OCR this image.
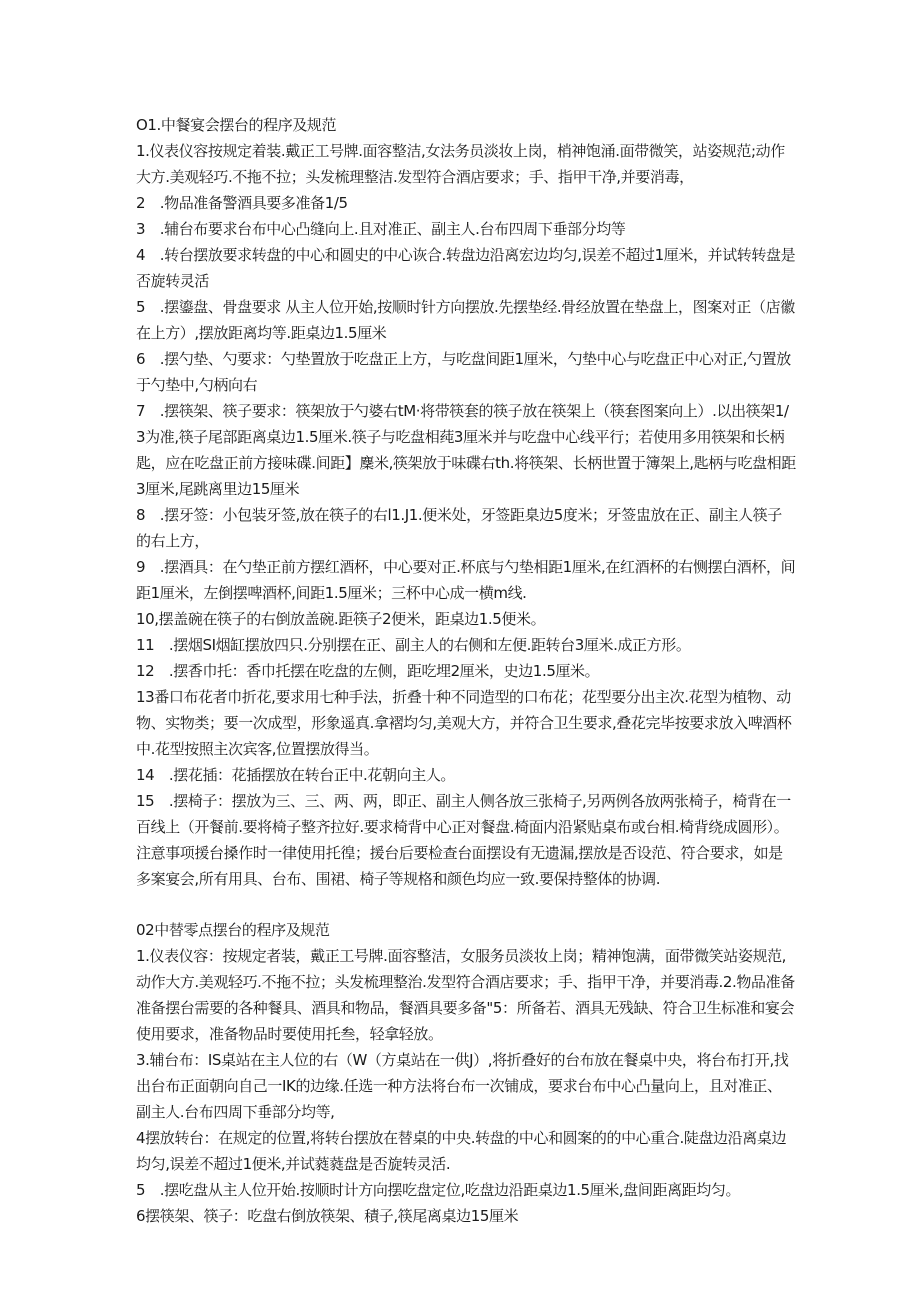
O1.中餐宴会摆台的程序及规范

1.仪表仪容按规定着装.戴正工号牌.面容整洁,女法务员淡妆上岗，梢神饱涌.面带微笑，站姿规范;动作大方.美观轻巧.不拖不拉；头发梳理整洁.发型符合酒店要求；手、指甲干净,并要消毒，

2 .物品准备警酒具要多准备1/5

3 .辅台布要求台布中心凸缝向上.且对准正、副主人.台布四周下垂部分均等

4 .转台摆放要求转盘的中心和圆史的中心诙合.转盘边沿离宏边均匀,误差不超过1厘米，并试转转盘是否旋转灵活

5 .摆鎏盘、骨盘要求 从主人位开始,按顺时针方向摆放.先摆垫经.骨经放置在垫盘上，图案对正（店徽在上方）,摆放距离均等.距桌边1.5厘米

6 .摆勺垫、勺要求：勺垫置放于吃盘正上方，与吃盘间距1厘米，勺垫中心与吃盘正中心对正,勺置放于勺垫中,勺柄向右

7 .摆筷架、筷子要求：筷架放于勺婆右tM·将带筷套的筷子放在筷架上（筷套图案向上）.以出筷架1/3为准,筷子尾部距离桌边1.5厘米.筷子与吃盘相莼3厘米并与吃盘中心线平行；若使用多用筷架和长柄匙，应在吃盘正前方接味碟.间距】麇米,筷架放于味碟右th.将筷架、长柄世置于簿架上,匙柄与吃盘相距3厘米,尾跳离里边15厘米

8 .摆牙签：小包装牙签,放在筷子的右l1.J1.便米处，牙签距臬边5度米；牙签盅放在正、副主人筷子的右上方，

9 .摆酒具：在勺垫正前方摆红酒杯，中心要对正.杯底与勺垫相距1厘米,在红酒杯的右恻摆白酒杯，间距1厘米，左倒摆啤酒杯,间距1.5厘米；三杯中心成一横m线.

10,摆盖碗在筷子的右倒放盖碗.距筷子2便米，距桌边1.5便米。

11 .摆烟SI烟缸摆放四只.分别摆在正、副主人的右侧和左便.距转台3厘米.成正方形。

12 .摆香巾托：香巾托摆在吃盘的左侧，距吃埋2厘米，史边1.5厘米。

13番口布花者巾折花,要求用七种手法，折叠十种不同造型的口布花；花型要分出主次.花型为植物、动物、实物类；要一次成型，形象遥真.拿褶均匀,美观大方，并符合卫生要求,叠花完毕按要求放入啤酒杯中.花型按照主次宾客,位置摆放得当。

14 .摆花插：花插摆放在转台正中.花朝向主人。

15 .摆椅子：摆放为三、三、两、两，即正、副主人侧各放三张椅子,另两例各放两张椅子，椅背在一百线上（开餐前.要将椅子整齐拉好.要求椅背中心正对餐盘.椅面内沿紧贴桌布或台相.椅背绕成圆形）。

注意事项援台搡作时一律使用托徨；援台后要检查台面摆设有无遗漏,摆放是否设范、符合要求，如是多案宴会,所有用具、台布、围裙、椅子等规格和颜色均应一致.要保持整体的协调.

02中替零点摆台的程序及规范

1.仪表仪容：按规定者装，戴正工号牌.面容整洁，女服务员淡妆上岗；精神饱满，面带微笑站姿规范,动作大方.美观轻巧.不拖不拉；头发梳理整治.发型符合酒店要求；手、指甲干净，并要消毒.2.物品准备准备摆台需要的各种餐具、酒具和物品，餐酒具要多备"5：所备若、酒具无残缺、符合卫生标准和宴会使用要求，准备物品时要使用托叁，轻拿轻放。

3.辅台布：IS桌站在主人位的右（W（方桌站在一供J）,将折叠好的台布放在餐桌中央，将台布打开,找出台布正面朝向自己一IK的边缘.任选一种方法将台布一次铺成，要求台布中心凸量向上，且对准正、副主人.台布四周下垂部分均等,

4摆放转台：在规定的位置,将转台摆放在替桌的中央.转盘的中心和圆案的的中心重合.陡盘边沿离桌边均匀,误差不超过1便米,并试蕤蕤盘是否旋转灵活.

5 .摆吃盘从主人位开始.按顺时计方向摆吃盘定位,吃盘边沿距桌边1.5厘米,盘间距离距均匀。

6摆筷架、筷子：吃盘右倒放筷架、積子,筷尾离桌边15厘米
